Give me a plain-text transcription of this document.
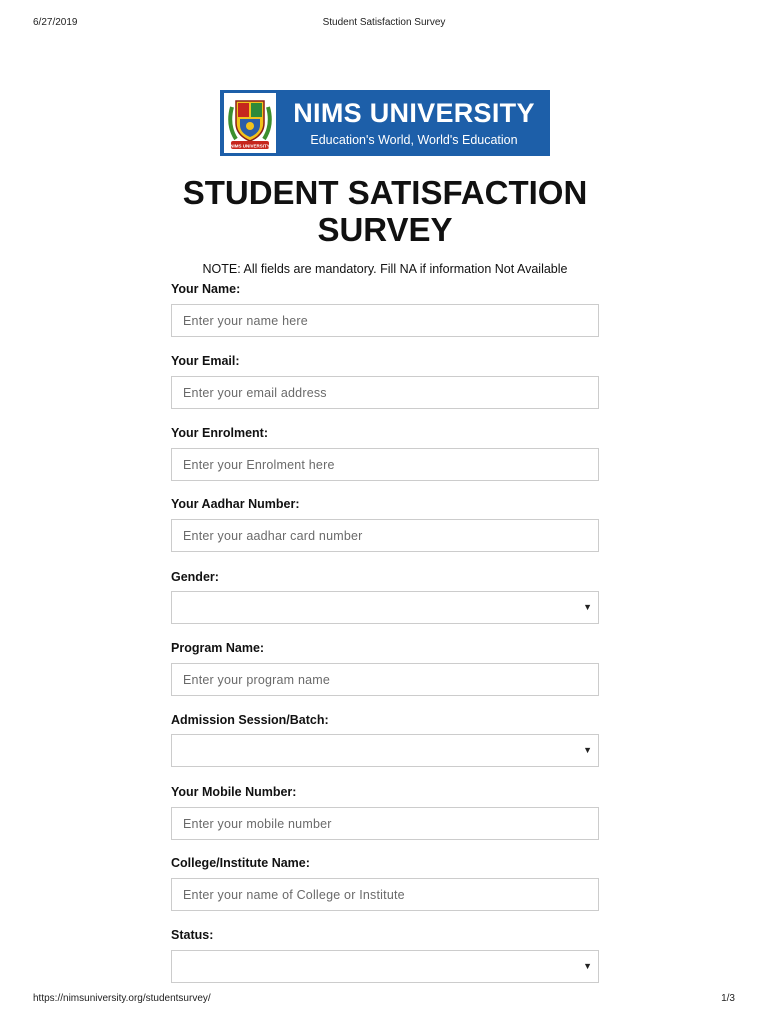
6/27/2019	Student Satisfaction Survey
NIMS UNIVERSITY
NIMS UNIVERSITY
Education's World, World's Education
STUDENT SATISFACTION SURVEY
NOTE: All fields are mandatory. Fill NA if information Not Available
Your Name:
Enter your name here
Your Email:
Enter your email address
Your Enrolment:
Enter your Enrolment here
Your Aadhar Number:
Enter your aadhar card number
Gender:
▼
Program Name:
Enter your program name
Admission Session/Batch:
▼
Your Mobile Number:
Enter your mobile number
College/Institute Name:
Enter your name of College or Institute
Status:
▼
https://nimsuniversity.org/studentsurvey/	1/3
